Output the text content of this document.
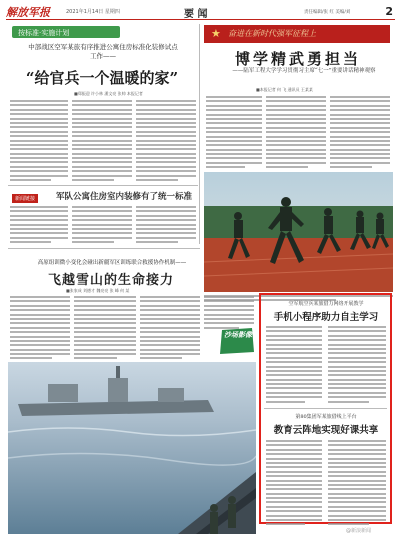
解放军报	2021年1月14日 星期四	要 闻	责任编辑/张 红 美编/刘	2
按标准·实施计划
中部战区空军某旅有序推进公寓住房标准化装修试点工作——
“给官兵一个温暖的家”
■郑振迎 许小林 潘文亮 张帅 本报记者
★ 奋进在新时代强军征程上
博学精武勇担当
——陆军工程大学学习贯彻习主席“七一”重要讲话精神观察
■本报记者 何 飞 通讯员 王某某
新闻链接	军队公寓住房室内装修有了统一标准
高原组训微小变化会碰出新疆军区训练联合救援协作机制——
飞越雪山的生命接力
■张家成 刘德才 魏亮亮 张 峰 何 某
沙场影像
空军航空兵某旅借力网络开展教学
手机小程序助力自主学习
第80集团军某旅借线上平台
教育云阵地实现好课共享
@新浪新闻
